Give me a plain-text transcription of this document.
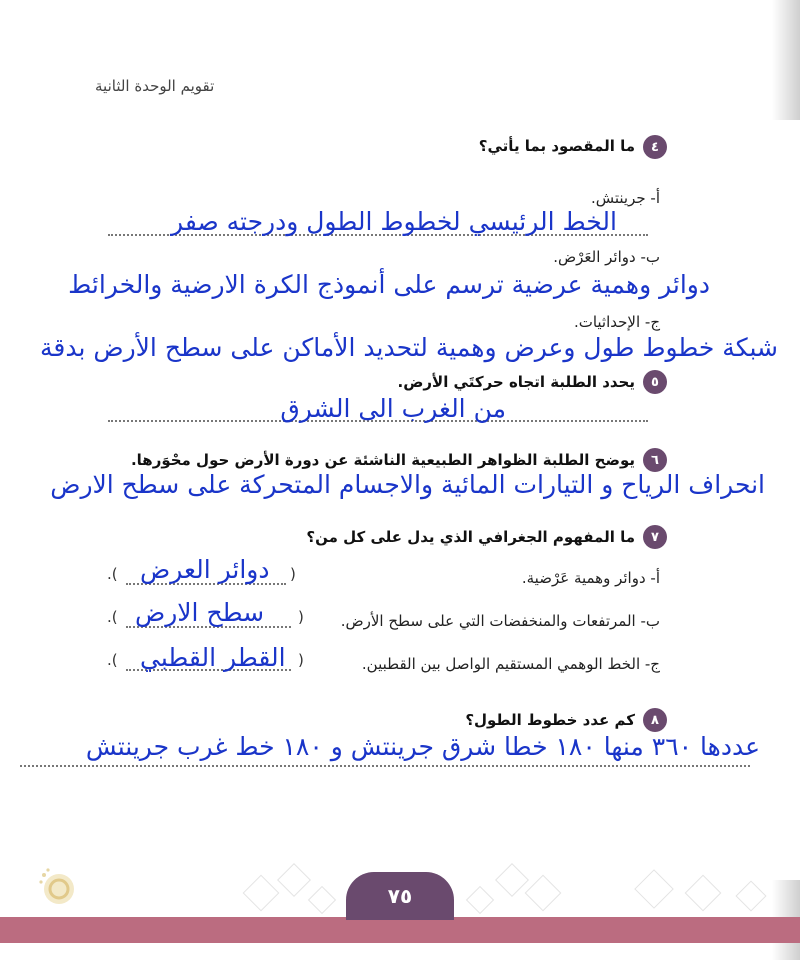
تقويم الوحدة الثانية
٤
ما المقصود بما يأتي؟
أ- جرينتش.
الخط الرئيسي لخطوط الطول ودرجته صفر
ب- دوائر العَرْض.
دوائر وهمية عرضية ترسم على أنموذج الكرة الارضية والخرائط
ج- الإحداثيات.
شبكة خطوط طول وعرض وهمية لتحديد الأماكن على سطح الأرض بدقة
٥
يحدد الطلبة اتجاه حركتَي الأرض.
من الغرب الى الشرق
٦
يوضح الطلبة الظواهر الطبيعية الناشئة عن دورة الأرض حول محْوَرها.
انحراف الرياح و التيارات المائية والاجسام المتحركة على سطح الارض
٧
ما المفهوم الجغرافي الذي يدل على كل من؟
أ- دوائر وهمية عَرْضية.
(
). دوائر العرض
ب- المرتفعات والمنخفضات التي على سطح الأرض.
(
). سطح الارض
ج- الخط الوهمي المستقيم الواصل بين القطبين.
(
). القطر القطبي
٨
كم عدد خطوط الطول؟
عددها ٣٦٠ منها ١٨٠ خطا شرق جرينتش و ١٨٠ خط غرب جرينتش
٧٥
